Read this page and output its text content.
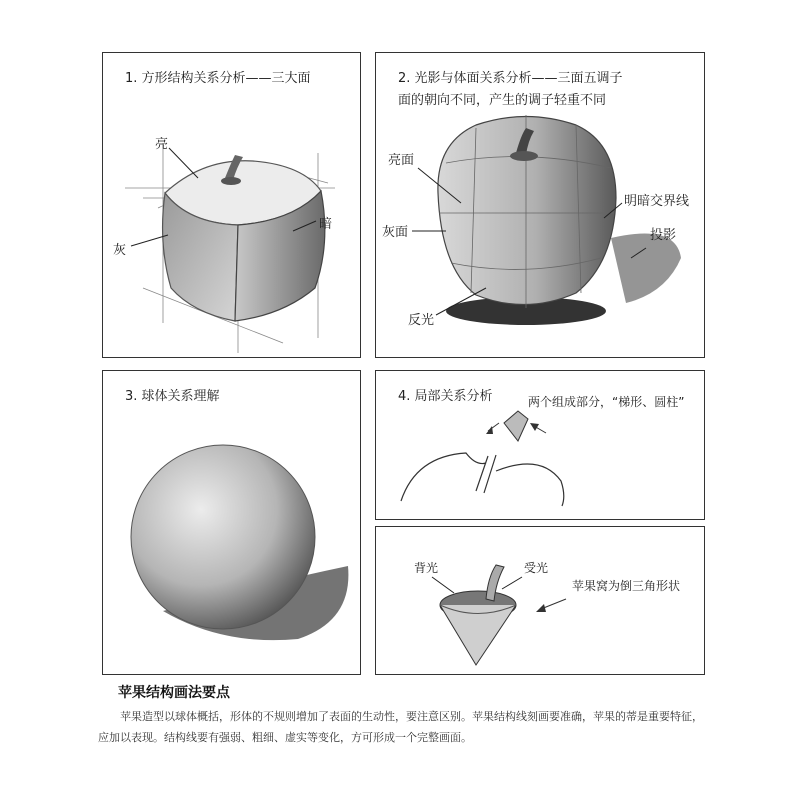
1. 方形结构关系分析——三大面
亮
暗
灰
2. 光影与体面关系分析——三面五调子
面的朝向不同，产生的调子轻重不同
亮面
明暗交界线
灰面	投影
反光
3. 球体关系理解	4. 局部关系分析	两个组成部分，“梯形、圆柱”
背光	受光
苹果窝为倒三角形状
苹果结构画法要点
苹果造型以球体概括，形体的不规则增加了表面的生动性，要注意区别。苹果结构线刻画要准确，苹果的蒂是重要特征，应加以表现。结构线要有强弱、粗细、虚实等变化，方可形成一个完整画面。
